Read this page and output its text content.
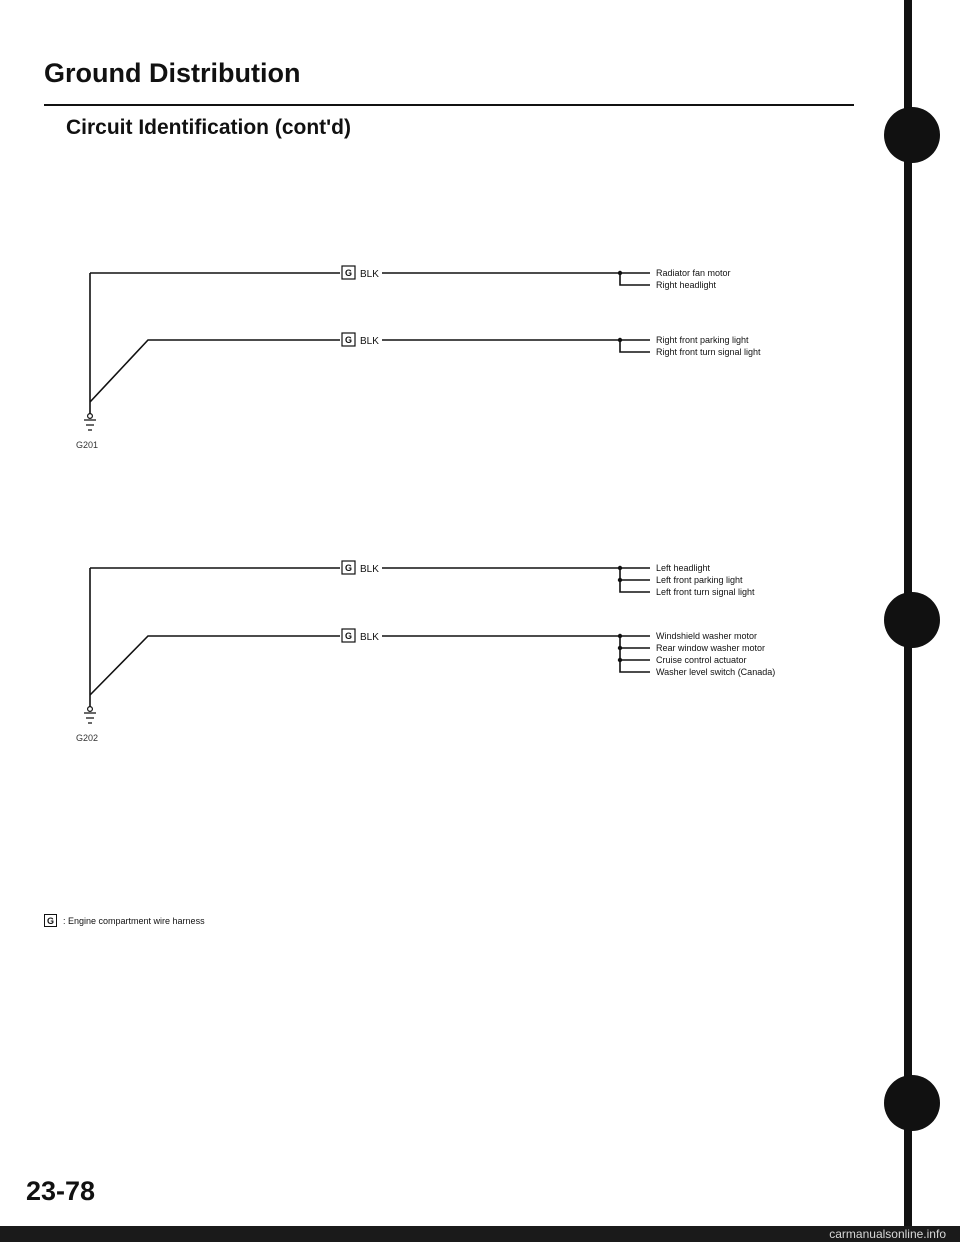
Ground Distribution
Circuit Identification (cont'd)
G201
G BLK	Radiator fan motor
Right headlight
G BLK	Right front parking light
Right front turn signal light
G202
G BLK	Left headlight
Left front parking light
Left front turn signal light
G BLK	Windshield washer motor
Rear window washer motor
Cruise control actuator
Washer level switch (Canada)
G	: Engine compartment wire harness

23-78

carmanualsonline.info
